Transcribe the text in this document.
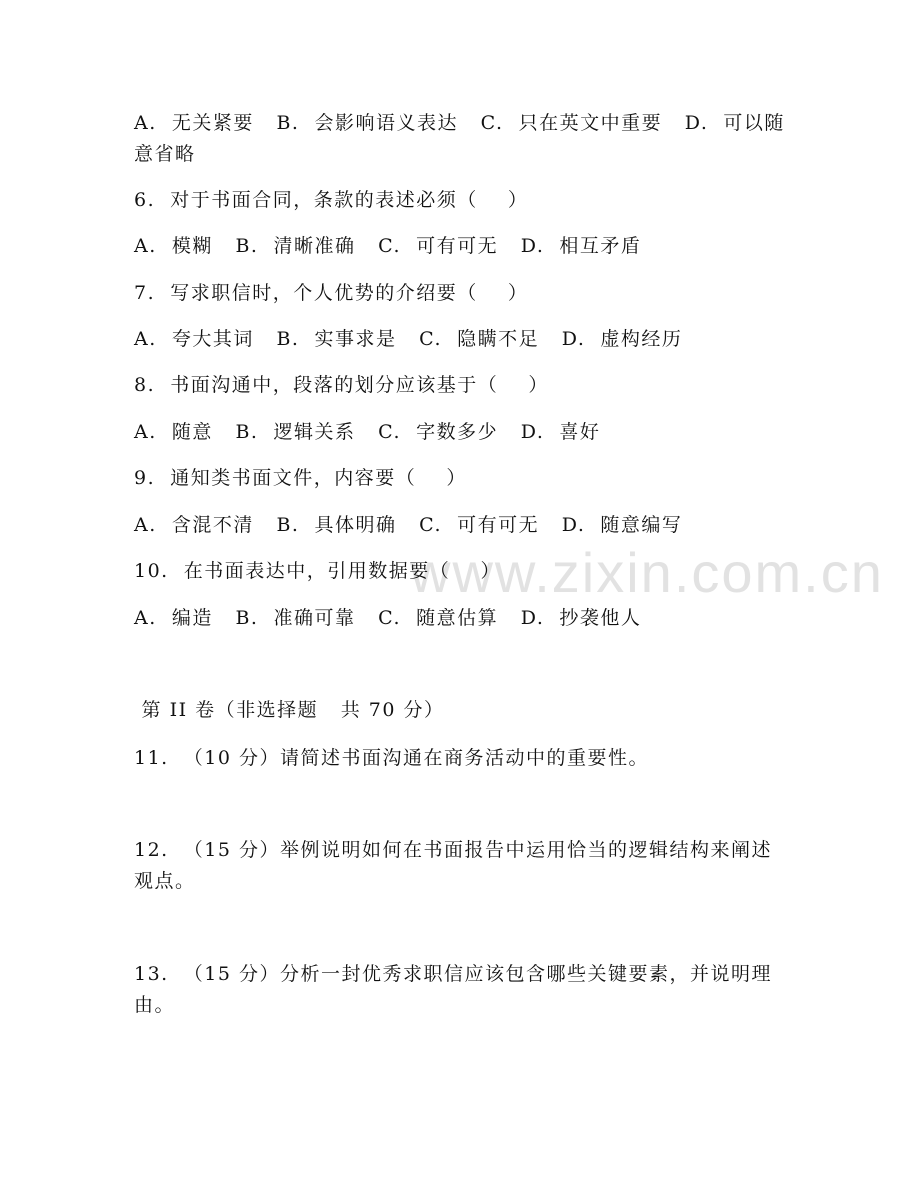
www.zixin.com.cn
A.  无关紧要   B.  会影响语义表达   C.  只在英文中重要   D.  可以随
意省略
6.  对于书面合同，条款的表述必须（    ）
A.  模糊   B.  清晰准确   C.  可有可无   D.  相互矛盾
7.  写求职信时，个人优势的介绍要（    ）
A.  夸大其词   B.  实事求是   C.  隐瞒不足   D.  虚构经历
8.  书面沟通中，段落的划分应该基于（    ）
A.  随意   B.  逻辑关系   C.  字数多少   D.  喜好
9.  通知类书面文件，内容要（    ）
A.  含混不清   B.  具体明确   C.  可有可无   D.  随意编写
10.  在书面表达中，引用数据要（    ）
A.  编造   B.  准确可靠   C.  随意估算   D.  抄袭他人
第 II 卷（非选择题   共 70 分）
11.  （10 分）请简述书面沟通在商务活动中的重要性。
12.  （15 分）举例说明如何在书面报告中运用恰当的逻辑结构来阐述
观点。
13.  （15 分）分析一封优秀求职信应该包含哪些关键要素，并说明理
由。
